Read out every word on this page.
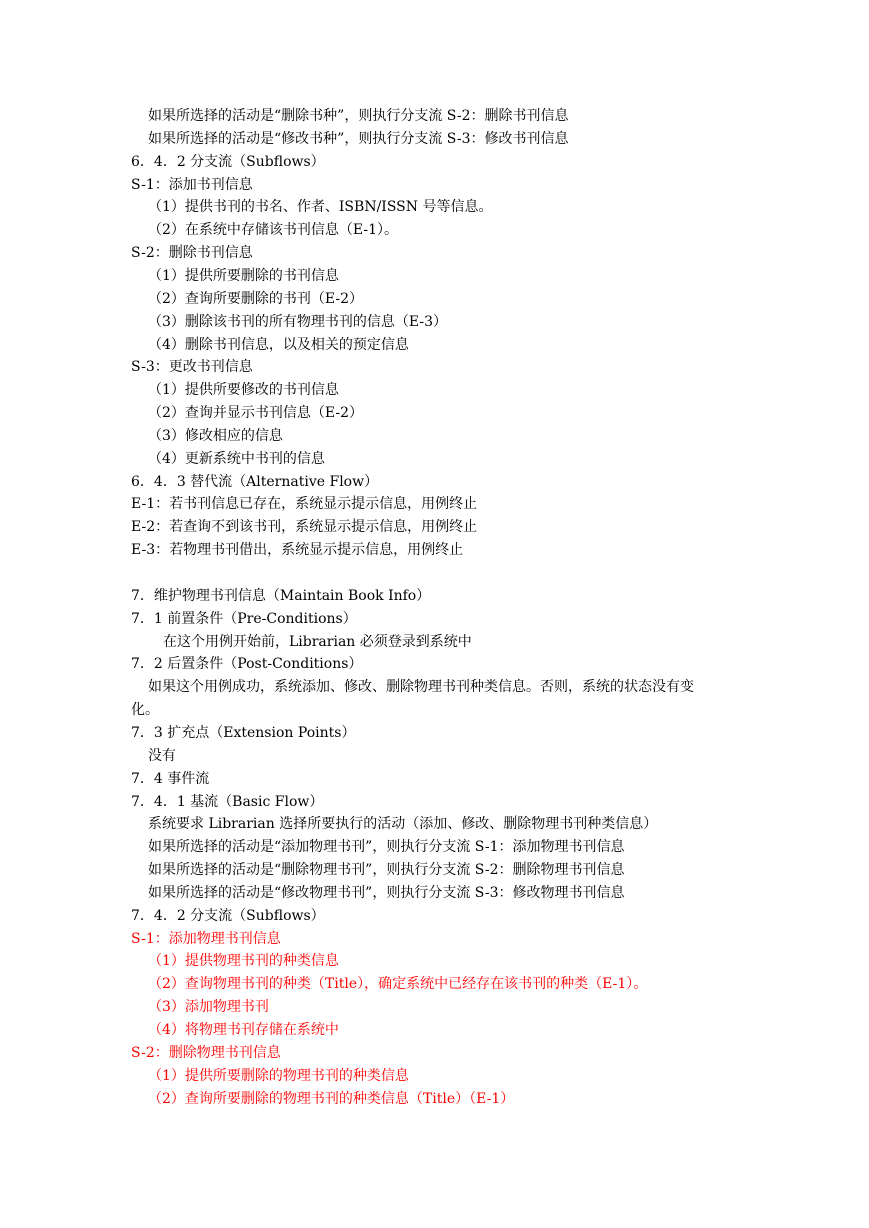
如果所选择的活动是“删除书种”，则执行分支流 S-2：删除书刊信息
如果所选择的活动是“修改书种”，则执行分支流 S-3：修改书刊信息
6．4．2 分支流（Subflows）
S-1：添加书刊信息
（1）提供书刊的书名、作者、ISBN/ISSN 号等信息。
（2）在系统中存储该书刊信息（E-1）。
S-2：删除书刊信息
（1）提供所要删除的书刊信息
（2）查询所要删除的书刊（E-2）
（3）删除该书刊的所有物理书刊的信息（E-3）
（4）删除书刊信息，以及相关的预定信息
S-3：更改书刊信息
（1）提供所要修改的书刊信息
（2）查询并显示书刊信息（E-2）
（3）修改相应的信息
（4）更新系统中书刊的信息
6．4．3 替代流（Alternative Flow）
E-1：若书刊信息已存在，系统显示提示信息，用例终止
E-2：若查询不到该书刊，系统显示提示信息，用例终止
E-3：若物理书刊借出，系统显示提示信息，用例终止
7．维护物理书刊信息（Maintain Book Info）
7．1 前置条件（Pre-Conditions）
在这个用例开始前，Librarian 必须登录到系统中
7．2 后置条件（Post-Conditions）
如果这个用例成功，系统添加、修改、删除物理书刊种类信息。否则，系统的状态没有变
化。
7．3 扩充点（Extension Points）
没有
7．4 事件流
7．4．1 基流（Basic Flow）
系统要求 Librarian 选择所要执行的活动（添加、修改、删除物理书刊种类信息）
如果所选择的活动是“添加物理书刊”，则执行分支流 S-1：添加物理书刊信息
如果所选择的活动是“删除物理书刊”，则执行分支流 S-2：删除物理书刊信息
如果所选择的活动是“修改物理书刊”，则执行分支流 S-3：修改物理书刊信息
7．4．2 分支流（Subflows）
S-1：添加物理书刊信息
（1）提供物理书刊的种类信息
（2）查询物理书刊的种类（Title），确定系统中已经存在该书刊的种类（E-1）。
（3）添加物理书刊
（4）将物理书刊存储在系统中
S-2：删除物理书刊信息
（1）提供所要删除的物理书刊的种类信息
（2）查询所要删除的物理书刊的种类信息（Title）（E-1）
